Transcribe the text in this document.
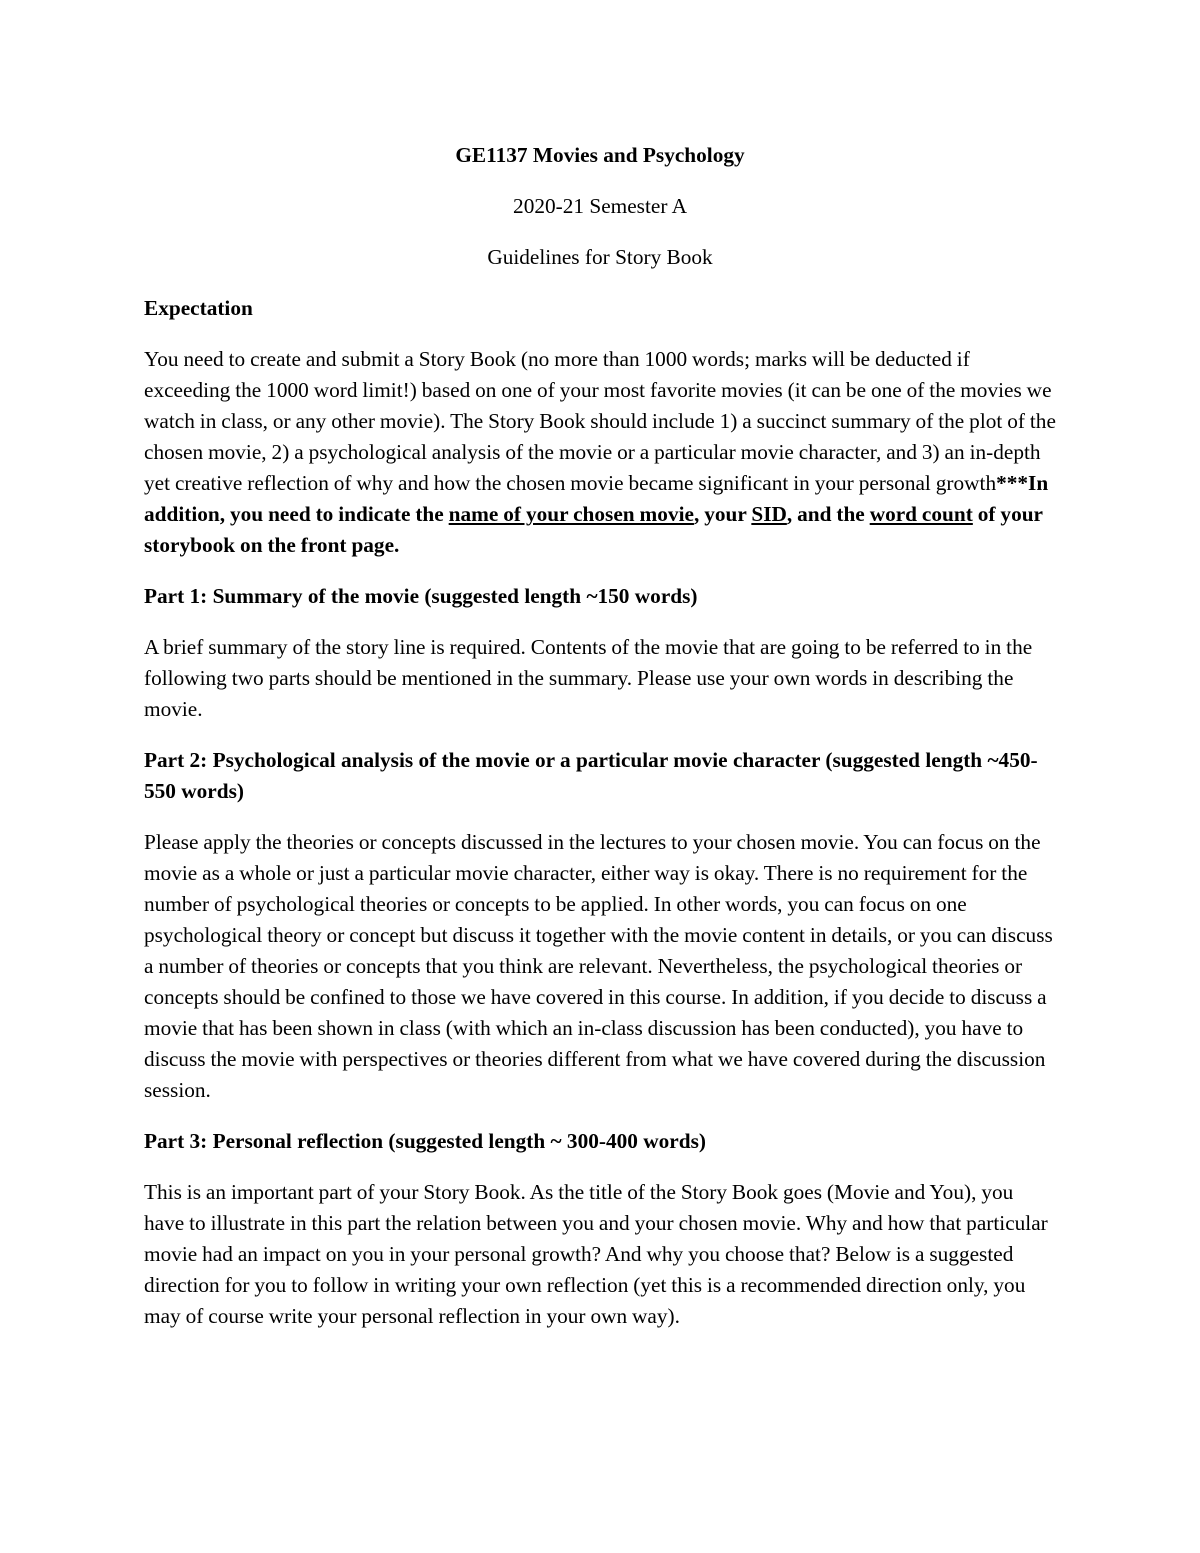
GE1137 Movies and Psychology
2020-21 Semester A
Guidelines for Story Book
Expectation

You need to create and submit a Story Book (no more than 1000 words; marks will be deducted if exceeding the 1000 word limit!) based on one of your most favorite movies (it can be one of the movies we watch in class, or any other movie). The Story Book should include 1) a succinct summary of the plot of the chosen movie, 2) a psychological analysis of the movie or a particular movie character, and 3) an in-depth yet creative reflection of why and how the chosen movie became significant in your personal growth***In addition, you need to indicate the name of your chosen movie, your SID, and the word count of your storybook on the front page.

Part 1: Summary of the movie (suggested length ~150 words)

A brief summary of the story line is required. Contents of the movie that are going to be referred to in the following two parts should be mentioned in the summary. Please use your own words in describing the movie.

Part 2: Psychological analysis of the movie or a particular movie character (suggested length ~450-550 words)

Please apply the theories or concepts discussed in the lectures to your chosen movie. You can focus on the movie as a whole or just a particular movie character, either way is okay. There is no requirement for the number of psychological theories or concepts to be applied. In other words, you can focus on one psychological theory or concept but discuss it together with the movie content in details, or you can discuss a number of theories or concepts that you think are relevant. Nevertheless, the psychological theories or concepts should be confined to those we have covered in this course. In addition, if you decide to discuss a movie that has been shown in class (with which an in-class discussion has been conducted), you have to discuss the movie with perspectives or theories different from what we have covered during the discussion session.

Part 3: Personal reflection (suggested length ~ 300-400 words)

This is an important part of your Story Book. As the title of the Story Book goes (Movie and You), you have to illustrate in this part the relation between you and your chosen movie. Why and how that particular movie had an impact on you in your personal growth? And why you choose that? Below is a suggested direction for you to follow in writing your own reflection (yet this is a recommended direction only, you may of course write your personal reflection in your own way).
